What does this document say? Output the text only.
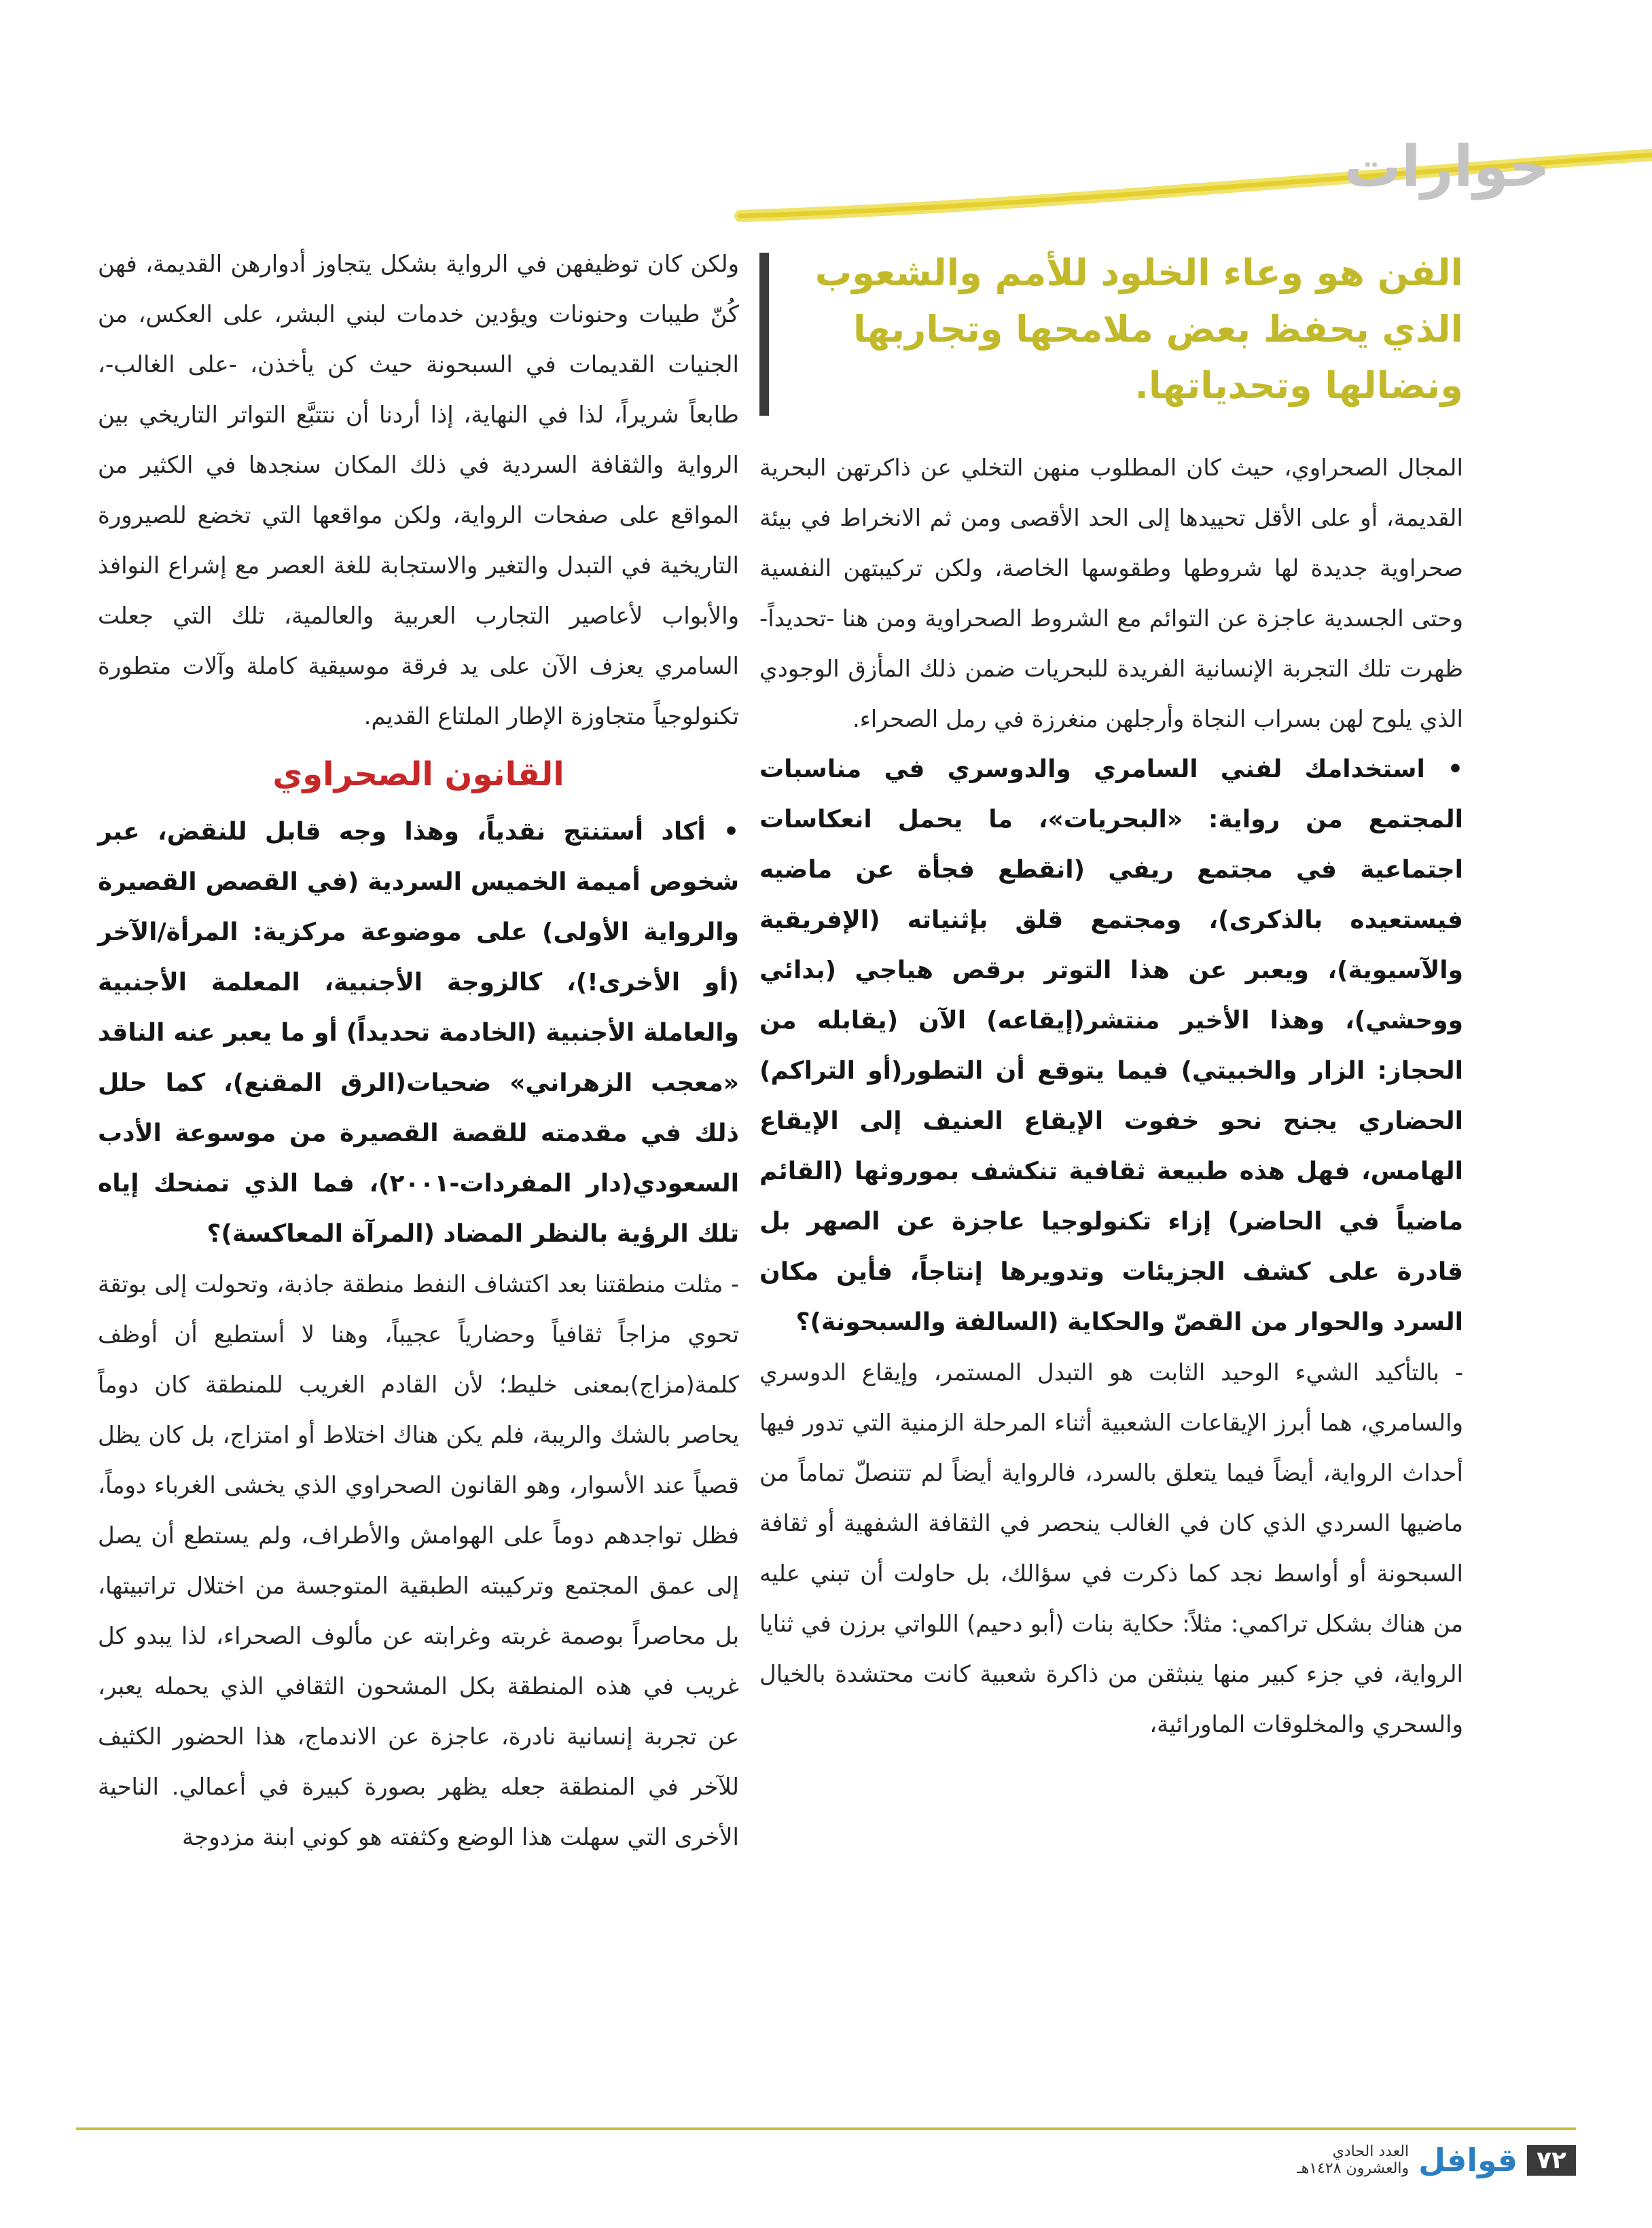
حوارات
الفن هو وعاء الخلود للأمم والشعوب الذي يحفظ بعض ملامحها وتجاربها ونضالها وتحدياتها.

المجال الصحراوي، حيث كان المطلوب منهن التخلي عن ذاكرتهن البحرية القديمة، أو على الأقل تحييدها إلى الحد الأقصى ومن ثم الانخراط في بيئة صحراوية جديدة لها شروطها وطقوسها الخاصة، ولكن تركيبتهن النفسية وحتى الجسدية عاجزة عن التوائم مع الشروط الصحراوية ومن هنا -تحديداً- ظهرت تلك التجربة الإنسانية الفريدة للبحريات ضمن ذلك المأزق الوجودي الذي يلوح لهن بسراب النجاة وأرجلهن منغرزة في رمل الصحراء.

• استخدامك لفني السامري والدوسري في مناسبات المجتمع من رواية: «البحريات»، ما يحمل انعكاسات اجتماعية في مجتمع ريفي (انقطع فجأة عن ماضيه فيستعيده بالذكرى)، ومجتمع قلق بإثنياته (الإفريقية والآسيوية)، ويعبر عن هذا التوتر برقص هياجي (بدائي ووحشي)، وهذا الأخير منتشر(إيقاعه) الآن (يقابله من الحجاز: الزار والخبيتي) فيما يتوقع أن التطور(أو التراكم) الحضاري يجنح نحو خفوت الإيقاع العنيف إلى الإيقاع الهامس، فهل هذه طبيعة ثقافية تنكشف بموروثها (القائم ماضياً في الحاضر) إزاء تكنولوجيا عاجزة عن الصهر بل قادرة على كشف الجزيئات وتدويرها إنتاجاً، فأين مكان السرد والحوار من القصّ والحكاية (السالفة والسبحونة)؟

- بالتأكيد الشيء الوحيد الثابت هو التبدل المستمر، وإيقاع الدوسري والسامري، هما أبرز الإيقاعات الشعبية أثناء المرحلة الزمنية التي تدور فيها أحداث الرواية، أيضاً فيما يتعلق بالسرد، فالرواية أيضاً لم تتنصلّ تماماً من ماضيها السردي الذي كان في الغالب ينحصر في الثقافة الشفهية أو ثقافة السبحونة أو أواسط نجد كما ذكرت في سؤالك، بل حاولت أن تبني عليه من هناك بشكل تراكمي: مثلاً: حكاية بنات (أبو دحيم) اللواتي برزن في ثنايا الرواية، في جزء كبير منها ينبثقن من ذاكرة شعبية كانت محتشدة بالخيال والسحري والمخلوقات الماورائية،

ولكن كان توظيفهن في الرواية بشكل يتجاوز أدوارهن القديمة، فهن كُنّ طيبات وحنونات ويؤدين خدمات لبني البشر، على العكس، من الجنيات القديمات في السبحونة حيث كن يأخذن، -على الغالب-، طابعاً شريراً، لذا في النهاية، إذا أردنا أن نتتبَّع التواتر التاريخي بين الرواية والثقافة السردية في ذلك المكان سنجدها في الكثير من المواقع على صفحات الرواية، ولكن مواقعها التي تخضع للصيرورة التاريخية في التبدل والتغير والاستجابة للغة العصر مع إشراع النوافذ والأبواب لأعاصير التجارب العربية والعالمية، تلك التي جعلت السامري يعزف الآن على يد فرقة موسيقية كاملة وآلات متطورة تكنولوجياً متجاوزة الإطار الملتاع القديم.

القانون الصحراوي

• أكاد أستنتج نقدياً، وهذا وجه قابل للنقض، عبر شخوص أميمة الخميس السردية (في القصص القصيرة والرواية الأولى) على موضوعة مركزية: المرأة/الآخر (أو الأخرى!)، كالزوجة الأجنبية، المعلمة الأجنبية والعاملة الأجنبية (الخادمة تحديداً) أو ما يعبر عنه الناقد «معجب الزهراني» ضحيات(الرق المقنع)، كما حلل ذلك في مقدمته للقصة القصيرة من موسوعة الأدب السعودي(دار المفردات-٢٠٠١)، فما الذي تمنحك إياه تلك الرؤية بالنظر المضاد (المرآة المعاكسة)؟

- مثلت منطقتنا بعد اكتشاف النفط منطقة جاذبة، وتحولت إلى بوتقة تحوي مزاجاً ثقافياً وحضارياً عجيباً، وهنا لا أستطيع أن أوظف كلمة(مزاج)بمعنى خليط؛ لأن القادم الغريب للمنطقة كان دوماً يحاصر بالشك والريبة، فلم يكن هناك اختلاط أو امتزاج، بل كان يظل قصياً عند الأسوار، وهو القانون الصحراوي الذي يخشى الغرباء دوماً، فظل تواجدهم دوماً على الهوامش والأطراف، ولم يستطع أن يصل إلى عمق المجتمع وتركيبته الطبقية المتوجسة من اختلال تراتبيتها، بل محاصراً بوصمة غربته وغرابته عن مألوف الصحراء، لذا يبدو كل غريب في هذه المنطقة بكل المشحون الثقافي الذي يحمله يعبر، عن تجربة إنسانية نادرة، عاجزة عن الاندماج، هذا الحضور الكثيف للآخر في المنطقة جعله يظهر بصورة كبيرة في أعمالي. الناحية الأخرى التي سهلت هذا الوضع وكثفته هو كوني ابنة مزدوجة

٧٢
قوافل
العدد الحادي والعشرون ١٤٢٨هـ
